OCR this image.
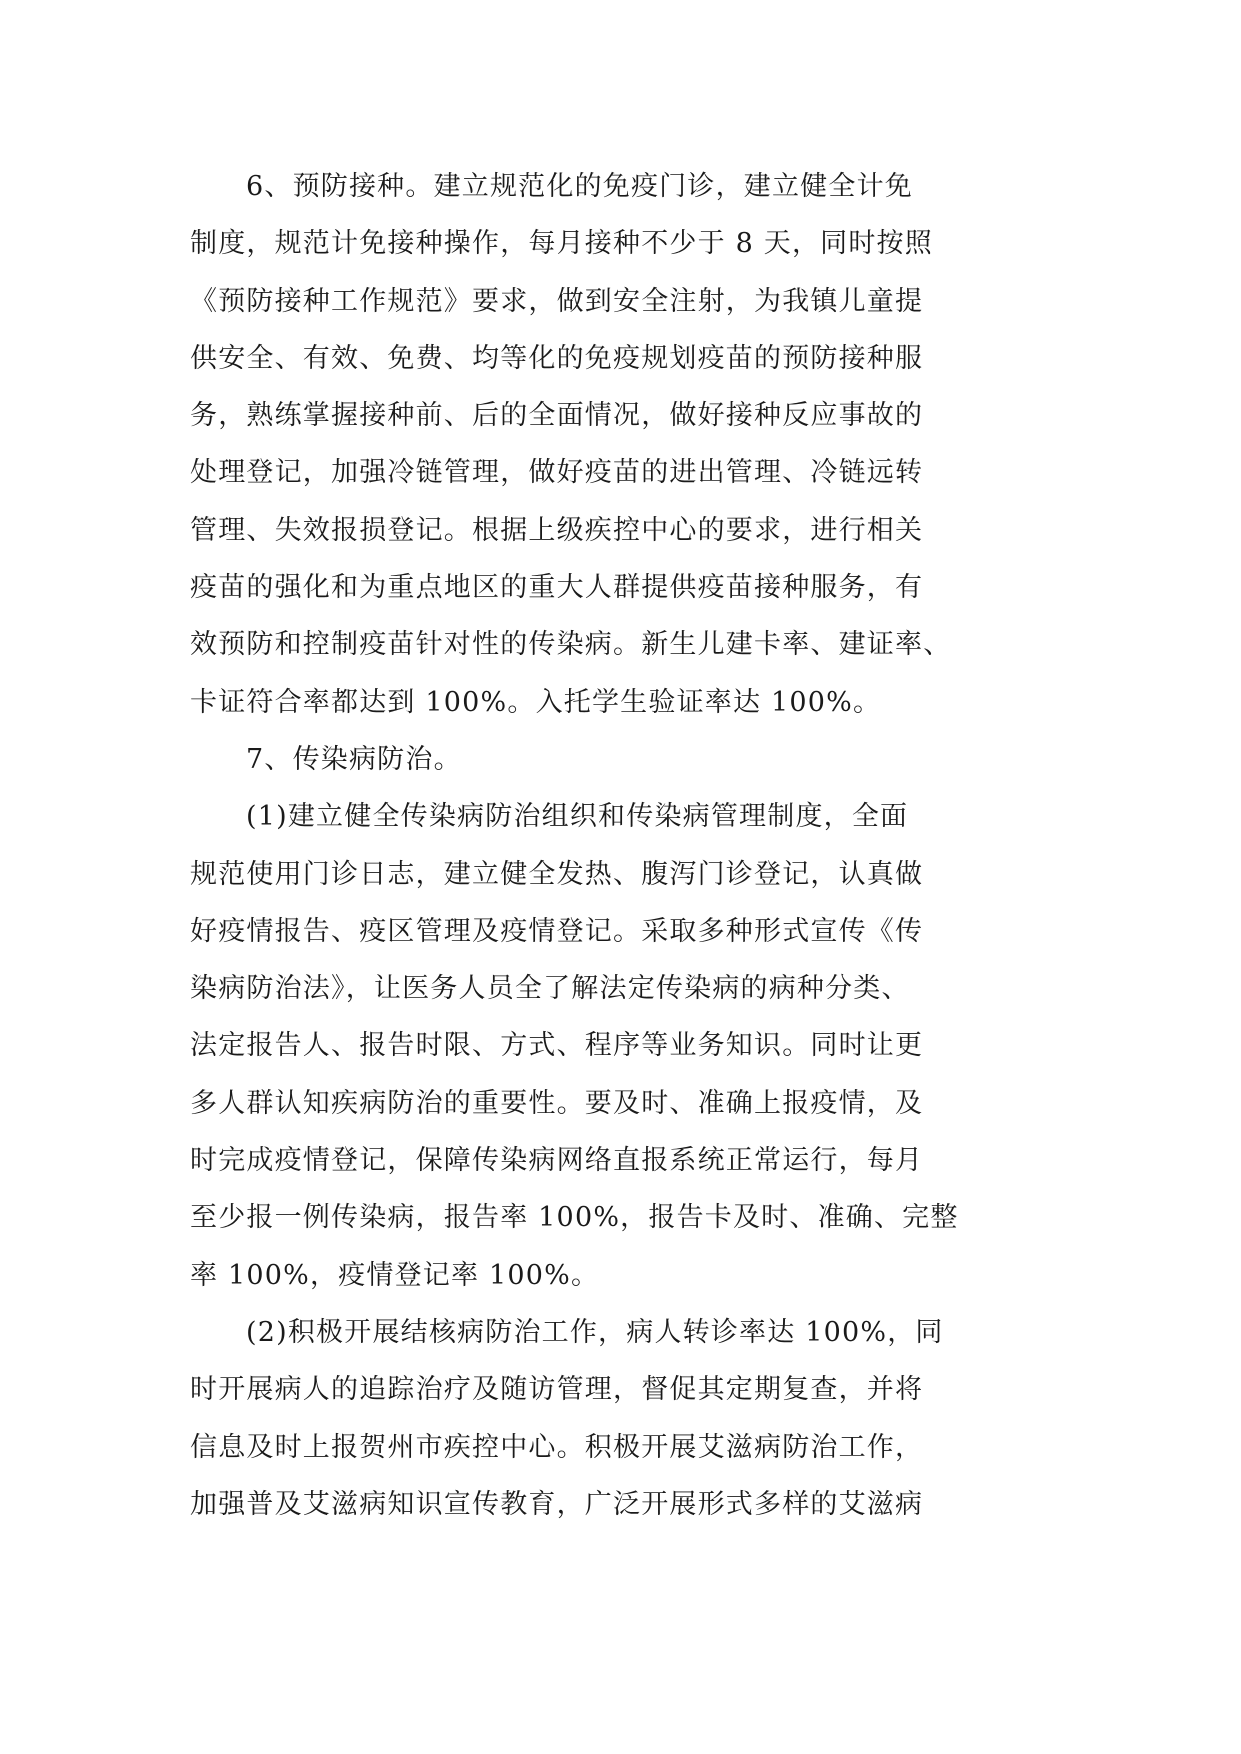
6、预防接种。建立规范化的免疫门诊，建立健全计免
制度，规范计免接种操作，每月接种不少于 8 天，同时按照
《预防接种工作规范》要求，做到安全注射，为我镇儿童提
供安全、有效、免费、均等化的免疫规划疫苗的预防接种服
务，熟练掌握接种前、后的全面情况，做好接种反应事故的
处理登记，加强冷链管理，做好疫苗的进出管理、冷链远转
管理、失效报损登记。根据上级疾控中心的要求，进行相关
疫苗的强化和为重点地区的重大人群提供疫苗接种服务，有
效预防和控制疫苗针对性的传染病。新生儿建卡率、建证率、
卡证符合率都达到 100%。入托学生验证率达 100%。
7、传染病防治。
(1)建立健全传染病防治组织和传染病管理制度，全面
规范使用门诊日志，建立健全发热、腹泻门诊登记，认真做
好疫情报告、疫区管理及疫情登记。采取多种形式宣传《传
染病防治法》，让医务人员全了解法定传染病的病种分类、
法定报告人、报告时限、方式、程序等业务知识。同时让更
多人群认知疾病防治的重要性。要及时、准确上报疫情，及
时完成疫情登记，保障传染病网络直报系统正常运行，每月
至少报一例传染病，报告率 100%，报告卡及时、准确、完整
率 100%，疫情登记率 100%。
(2)积极开展结核病防治工作，病人转诊率达 100%，同
时开展病人的追踪治疗及随访管理，督促其定期复查，并将
信息及时上报贺州市疾控中心。积极开展艾滋病防治工作，
加强普及艾滋病知识宣传教育，广泛开展形式多样的艾滋病
